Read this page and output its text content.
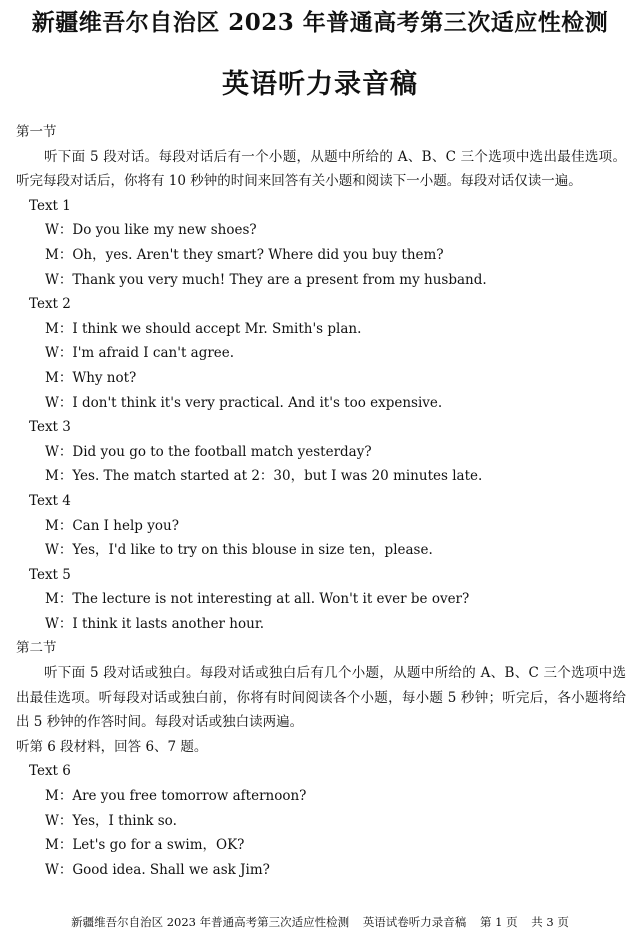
新疆维吾尔自治区 2023 年普通高考第三次适应性检测
英语听力录音稿
第一节
听下面 5 段对话。每段对话后有一个小题，从题中所给的 A、B、C 三个选项中选出最佳选项。听完每段对话后，你将有 10 秒钟的时间来回答有关小题和阅读下一小题。每段对话仅读一遍。
Text 1
W：Do you like my new shoes?
M：Oh，yes. Aren't they smart? Where did you buy them?
W：Thank you very much! They are a present from my husband.
Text 2
M：I think we should accept Mr. Smith's plan.
W：I'm afraid I can't agree.
M：Why not?
W：I don't think it's very practical. And it's too expensive.
Text 3
W：Did you go to the football match yesterday?
M：Yes. The match started at 2：30，but I was 20 minutes late.
Text 4
M：Can I help you?
W：Yes，I'd like to try on this blouse in size ten，please.
Text 5
M：The lecture is not interesting at all. Won't it ever be over?
W：I think it lasts another hour.
第二节
听下面 5 段对话或独白。每段对话或独白后有几个小题，从题中所给的 A、B、C 三个选项中选出最佳选项。听每段对话或独白前，你将有时间阅读各个小题，每小题 5 秒钟；听完后，各小题将给出 5 秒钟的作答时间。每段对话或独白读两遍。
听第 6 段材料，回答 6、7 题。
Text 6
M：Are you free tomorrow afternoon?
W：Yes，I think so.
M：Let's go for a swim，OK?
W：Good idea. Shall we ask Jim?
新疆维吾尔自治区 2023 年普通高考第三次适应性检测 英语试卷听力录音稿 第 1 页 共 3 页
